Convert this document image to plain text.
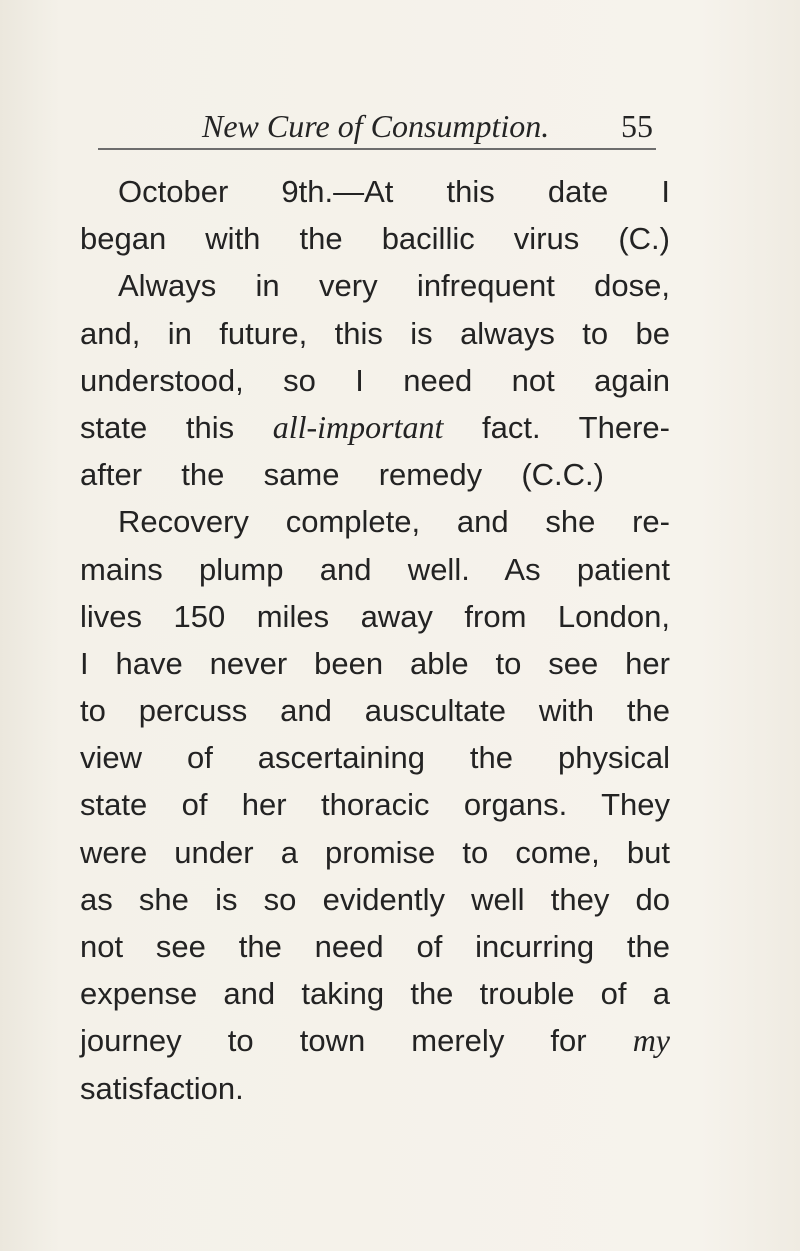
New Cure of Consumption. 55
October 9th.—At this date I
began with the bacillic virus (C.)
Always in very infrequent dose,
and, in future, this is always to be
understood, so I need not again
state this all-important fact. There-
after the same remedy (C.C.)
Recovery complete, and she re-
mains plump and well. As patient
lives 150 miles away from London,
I have never been able to see her
to percuss and auscultate with the
view of ascertaining the physical
state of her thoracic organs. They
were under a promise to come, but
as she is so evidently well they do
not see the need of incurring the
expense and taking the trouble of a
journey to town merely for my
satisfaction.
